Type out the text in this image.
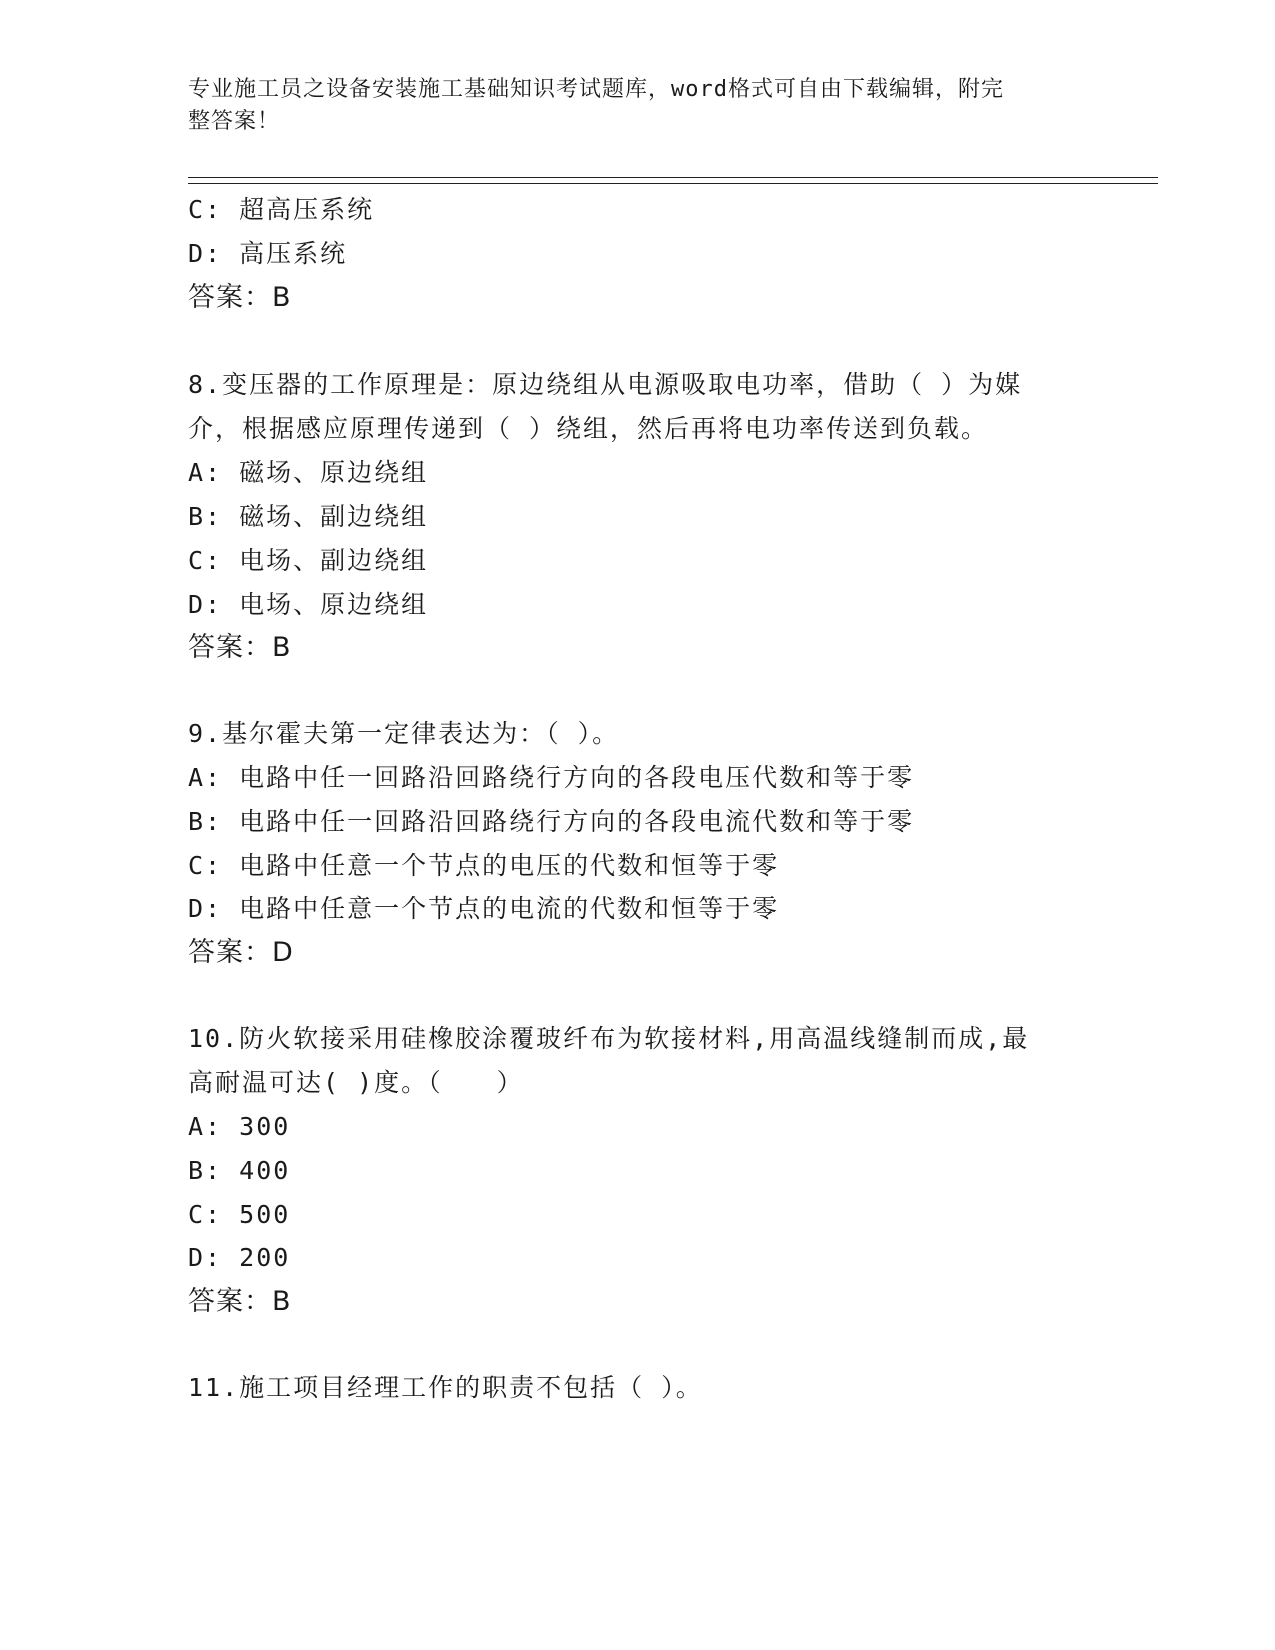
专业施工员之设备安装施工基础知识考试题库，word格式可自由下载编辑，附完
整答案！
C: 超高压系统
D: 高压系统
答案：B
8.变压器的工作原理是：原边绕组从电源吸取电功率，借助（ ）为媒
介，根据感应原理传递到（ ）绕组，然后再将电功率传送到负载。
A: 磁场、原边绕组
B: 磁场、副边绕组
C: 电场、副边绕组
D: 电场、原边绕组
答案：B
9.基尔霍夫第一定律表达为：（ ）。
A: 电路中任一回路沿回路绕行方向的各段电压代数和等于零
B: 电路中任一回路沿回路绕行方向的各段电流代数和等于零
C: 电路中任意一个节点的电压的代数和恒等于零
D: 电路中任意一个节点的电流的代数和恒等于零
答案：D
10.防火软接采用硅橡胶涂覆玻纤布为软接材料,用高温线缝制而成,最
高耐温可达( )度。（　　）
A: 300
B: 400
C: 500
D: 200
答案：B
11.施工项目经理工作的职责不包括（ ）。
